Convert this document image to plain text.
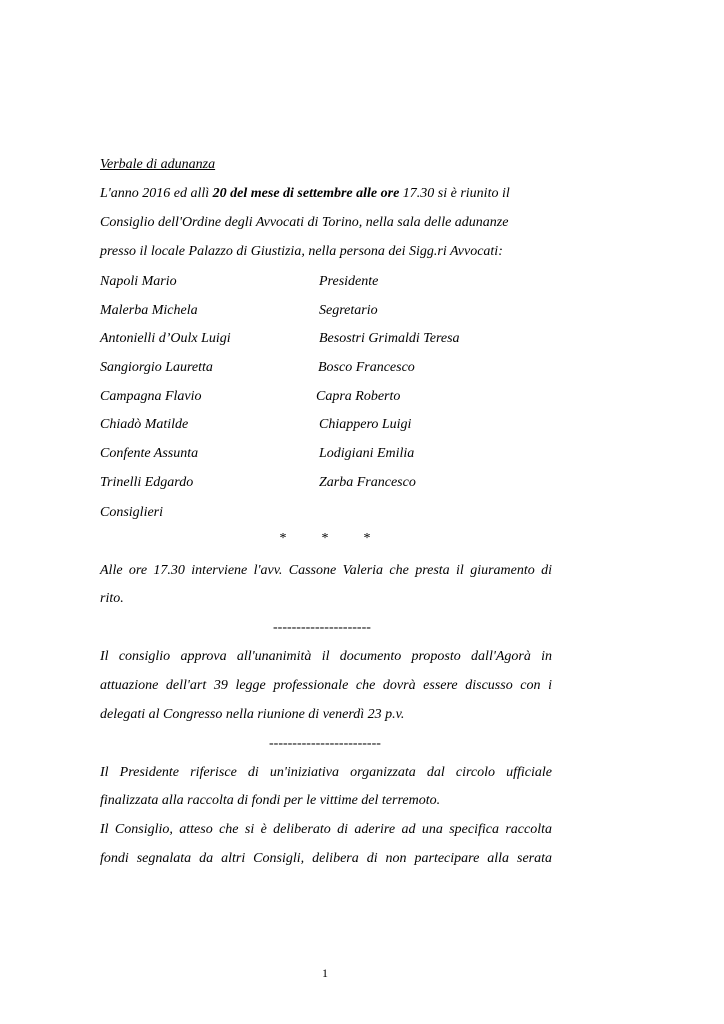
Verbale di adunanza
L'anno 2016 ed allì 20 del mese di settembre alle ore 17.30 si è riunito il
Consiglio dell'Ordine degli Avvocati di Torino, nella sala delle adunanze
presso il locale Palazzo di Giustizia, nella persona dei Sigg.ri Avvocati:
Napoli Mario	Presidente
Malerba Michela	Segretario
Antonielli d’Oulx Luigi	Besostri Grimaldi Teresa
Sangiorgio Lauretta	Bosco Francesco
Campagna Flavio	Capra Roberto
Chiadò Matilde	Chiappero Luigi
Confente Assunta	Lodigiani Emilia
Trinelli Edgardo	Zarba Francesco
Consiglieri
*          *          *
Alle ore 17.30 interviene l'avv. Cassone Valeria che presta il giuramento di
rito.
---------------------
Il consiglio approva all'unanimità il documento proposto dall'Agorà in
attuazione dell'art 39 legge professionale che dovrà essere discusso con i
delegati al Congresso nella riunione di venerdì 23 p.v.
------------------------
Il Presidente riferisce di un'iniziativa organizzata dal circolo ufficiale
finalizzata alla raccolta di fondi per le vittime del terremoto.
Il Consiglio, atteso che si è deliberato di aderire ad una specifica raccolta
fondi segnalata da altri Consigli, delibera di non partecipare alla serata
1
